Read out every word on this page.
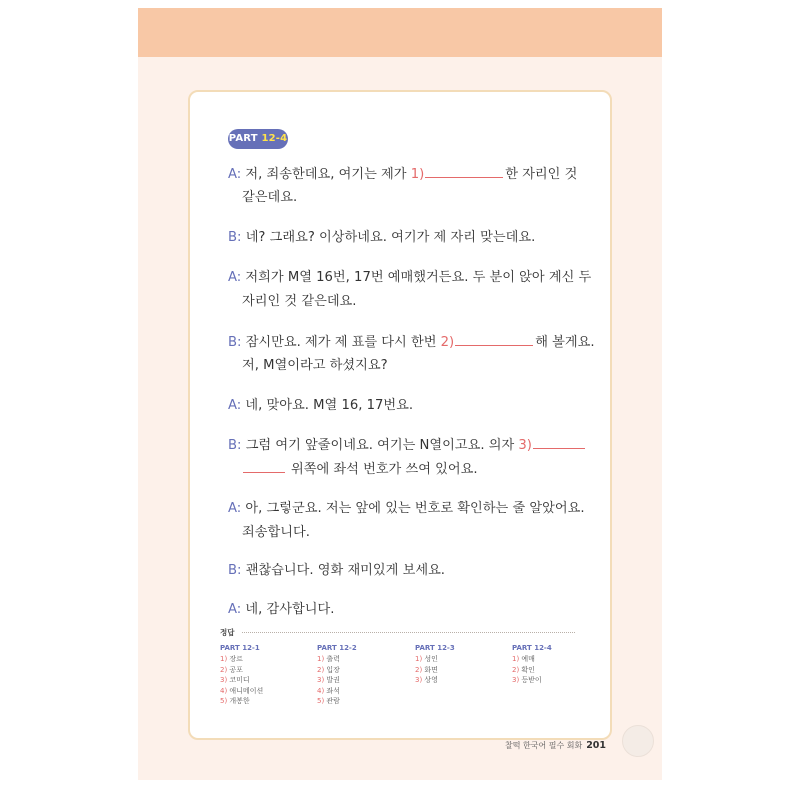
PART 12-4
A: 저, 죄송한데요, 여기는 제가 1)	한 자리인 것
같은데요.
B: 네? 그래요? 이상하네요. 여기가 제 자리 맞는데요.
A: 저희가 M열 16번, 17번 예매했거든요. 두 분이 앉아 계신 두
자리인 것 같은데요.
B: 잠시만요. 제가 제 표를 다시 한번 2)	해 볼게요.
저, M열이라고 하셨지요?
A: 네, 맞아요. M열 16, 17번요.
B: 그럼 여기 앞줄이네요. 여기는 N열이고요. 의자 3)
위쪽에 좌석 번호가 쓰여 있어요.
A: 아, 그렇군요. 저는 앞에 있는 번호로 확인하는 줄 알았어요.
죄송합니다.
B: 괜찮습니다. 영화 재미있게 보세요.
A: 네, 감사합니다.
정답
PART 12-1
1) 장르
2) 공포
3) 코미디
4) 애니메이션
5) 개봉한
PART 12-2
1) 출력
2) 입장
3) 발권
4) 좌석
5) 관람
PART 12-3
1) 성인
2) 화면
3) 상영
PART 12-4
1) 예매
2) 확인
3) 등받이
찰떡 한국어 필수 회화 201
